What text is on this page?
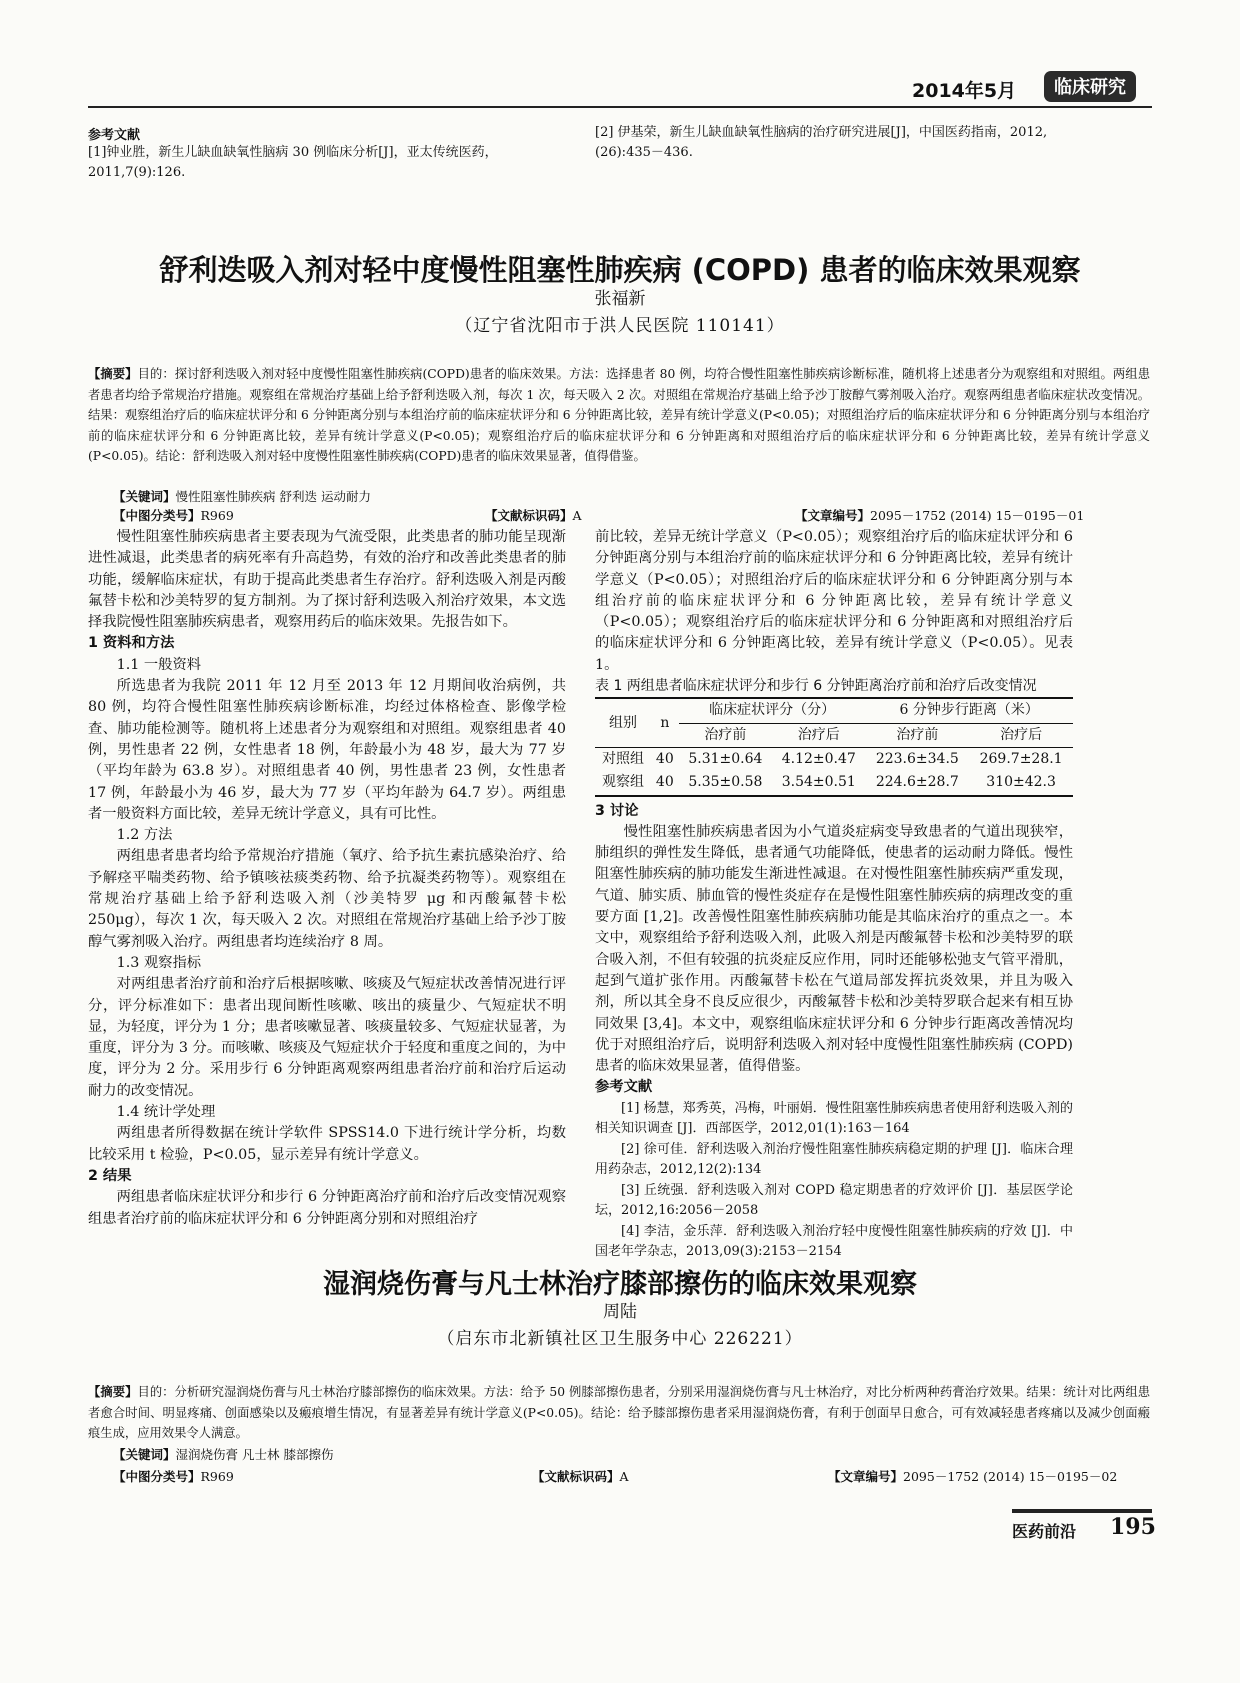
2014年5月	临床研究
参考文献
[1]钟业胜，新生儿缺血缺氧性脑病 30 例临床分析[J]，亚太传统医药，2011,7(9):126.
[2] 伊基荣，新生儿缺血缺氧性脑病的治疗研究进展[J]，中国医药指南，2012,(26):435－436.
舒利迭吸入剂对轻中度慢性阻塞性肺疾病 (COPD) 患者的临床效果观察
张福新
（辽宁省沈阳市于洪人民医院 110141）
【摘要】目的：探讨舒利迭吸入剂对轻中度慢性阻塞性肺疾病(COPD)患者的临床效果。方法：选择患者 80 例，均符合慢性阻塞性肺疾病诊断标准，随机将上述患者分为观察组和对照组。两组患者患者均给予常规治疗措施。观察组在常规治疗基础上给予舒利迭吸入剂，每次 1 次，每天吸入 2 次。对照组在常规治疗基础上给予沙丁胺醇气雾剂吸入治疗。观察两组患者临床症状改变情况。结果：观察组治疗后的临床症状评分和 6 分钟距离分别与本组治疗前的临床症状评分和 6 分钟距离比较，差异有统计学意义(P<0.05)；对照组治疗后的临床症状评分和 6 分钟距离分别与本组治疗前的临床症状评分和 6 分钟距离比较，差异有统计学意义(P<0.05)；观察组治疗后的临床症状评分和 6 分钟距离和对照组治疗后的临床症状评分和 6 分钟距离比较，差异有统计学意义(P<0.05)。结论：舒利迭吸入剂对轻中度慢性阻塞性肺疾病(COPD)患者的临床效果显著，值得借鉴。
【关键词】慢性阻塞性肺疾病 舒利迭 运动耐力
【中图分类号】R969	【文献标识码】A	【文章编号】2095－1752 (2014) 15－0195－01

慢性阻塞性肺疾病患者主要表现为气流受限，此类患者的肺功能呈现渐进性减退，此类患者的病死率有升高趋势，有效的治疗和改善此类患者的肺功能，缓解临床症状，有助于提高此类患者生存治疗。舒利迭吸入剂是丙酸氟替卡松和沙美特罗的复方制剂。为了探讨舒利迭吸入剂治疗效果，本文选择我院慢性阻塞肺疾病患者，观察用药后的临床效果。先报告如下。

1 资料和方法
1.1 一般资料

所选患者为我院 2011 年 12 月至 2013 年 12 月期间收治病例，共 80 例，均符合慢性阻塞性肺疾病诊断标准，均经过体格检查、影像学检查、肺功能检测等。随机将上述患者分为观察组和对照组。观察组患者 40 例，男性患者 22 例，女性患者 18 例，年龄最小为 48 岁，最大为 77 岁（平均年龄为 63.8 岁）。对照组患者 40 例，男性患者 23 例，女性患者 17 例，年龄最小为 46 岁，最大为 77 岁（平均年龄为 64.7 岁）。两组患者一般资料方面比较，差异无统计学意义，具有可比性。

1.2 方法

两组患者患者均给予常规治疗措施（氧疗、给予抗生素抗感染治疗、给予解痉平喘类药物、给予镇咳祛痰类药物、给予抗凝类药物等）。观察组在常规治疗基础上给予舒利迭吸入剂（沙美特罗 μg 和丙酸氟替卡松 250μg），每次 1 次，每天吸入 2 次。对照组在常规治疗基础上给予沙丁胺醇气雾剂吸入治疗。两组患者均连续治疗 8 周。

1.3 观察指标

对两组患者治疗前和治疗后根据咳嗽、咳痰及气短症状改善情况进行评分，评分标准如下：患者出现间断性咳嗽、咳出的痰量少、气短症状不明显，为轻度，评分为 1 分；患者咳嗽显著、咳痰量较多、气短症状显著，为重度，评分为 3 分。而咳嗽、咳痰及气短症状介于轻度和重度之间的，为中度，评分为 2 分。采用步行 6 分钟距离观察两组患者治疗前和治疗后运动耐力的改变情况。

1.4 统计学处理

两组患者所得数据在统计学软件 SPSS14.0 下进行统计学分析，均数比较采用 t 检验，P<0.05，显示差异有统计学意义。

2 结果

两组患者临床症状评分和步行 6 分钟距离治疗前和治疗后改变情况观察组患者治疗前的临床症状评分和 6 分钟距离分别和对照组治疗

前比较，差异无统计学意义（P<0.05）；观察组治疗后的临床症状评分和 6 分钟距离分别与本组治疗前的临床症状评分和 6 分钟距离比较，差异有统计学意义（P<0.05）；对照组治疗后的临床症状评分和 6 分钟距离分别与本组治疗前的临床症状评分和 6 分钟距离比较，差异有统计学意义（P<0.05）；观察组治疗后的临床症状评分和 6 分钟距离和对照组治疗后的临床症状评分和 6 分钟距离比较，差异有统计学意义（P<0.05）。见表 1。

表 1 两组患者临床症状评分和步行 6 分钟距离治疗前和治疗后改变情况
组别	n	临床症状评分（分）		6 分钟步行距离（米）	
		治疗前	治疗后	治疗前	治疗后
对照组	40	5.31±0.64	4.12±0.47	223.6±34.5	269.7±28.1
观察组	40	5.35±0.58	3.54±0.51	224.6±28.7	310±42.3
3 讨论

慢性阻塞性肺疾病患者因为小气道炎症病变导致患者的气道出现狭窄，肺组织的弹性发生降低，患者通气功能降低，使患者的运动耐力降低。慢性阻塞性肺疾病的肺功能发生渐进性减退。在对慢性阻塞性肺疾病严重发现，气道、肺实质、肺血管的慢性炎症存在是慢性阻塞性肺疾病的病理改变的重要方面 [1,2]。改善慢性阻塞性肺疾病肺功能是其临床治疗的重点之一。本文中，观察组给予舒利迭吸入剂，此吸入剂是丙酸氟替卡松和沙美特罗的联合吸入剂，不但有较强的抗炎症反应作用，同时还能够松弛支气管平滑肌，起到气道扩张作用。丙酸氟替卡松在气道局部发挥抗炎效果，并且为吸入剂，所以其全身不良反应很少，丙酸氟替卡松和沙美特罗联合起来有相互协同效果 [3,4]。本文中，观察组临床症状评分和 6 分钟步行距离改善情况均优于对照组治疗后，说明舒利迭吸入剂对轻中度慢性阻塞性肺疾病 (COPD) 患者的临床效果显著，值得借鉴。

参考文献

[1] 杨慧，郑秀英，冯梅，叶丽娟．慢性阻塞性肺疾病患者使用舒利迭吸入剂的相关知识调查 [J]．西部医学，2012,01(1):163－164

[2] 徐可佳．舒利迭吸入剂治疗慢性阻塞性肺疾病稳定期的护理 [J]．临床合理用药杂志，2012,12(2):134

[3] 丘统强．舒利迭吸入剂对 COPD 稳定期患者的疗效评价 [J]．基层医学论坛，2012,16:2056－2058

[4] 李洁，金乐萍．舒利迭吸入剂治疗轻中度慢性阻塞性肺疾病的疗效 [J]．中国老年学杂志，2013,09(3):2153－2154

湿润烧伤膏与凡士林治疗膝部擦伤的临床效果观察
周陆
（启东市北新镇社区卫生服务中心 226221）
【摘要】目的：分析研究湿润烧伤膏与凡士林治疗膝部擦伤的临床效果。方法：给予 50 例膝部擦伤患者，分别采用湿润烧伤膏与凡士林治疗，对比分析两种药膏治疗效果。结果：统计对比两组患者愈合时间、明显疼痛、创面感染以及瘢痕增生情况，有显著差异有统计学意义(P<0.05)。结论：给予膝部擦伤患者采用湿润烧伤膏，有利于创面早日愈合，可有效减轻患者疼痛以及减少创面瘢痕生成，应用效果令人满意。
【关键词】湿润烧伤膏 凡士林 膝部擦伤
【中图分类号】R969	【文献标识码】A	【文章编号】2095－1752 (2014) 15－0195－02
医药前沿 195
